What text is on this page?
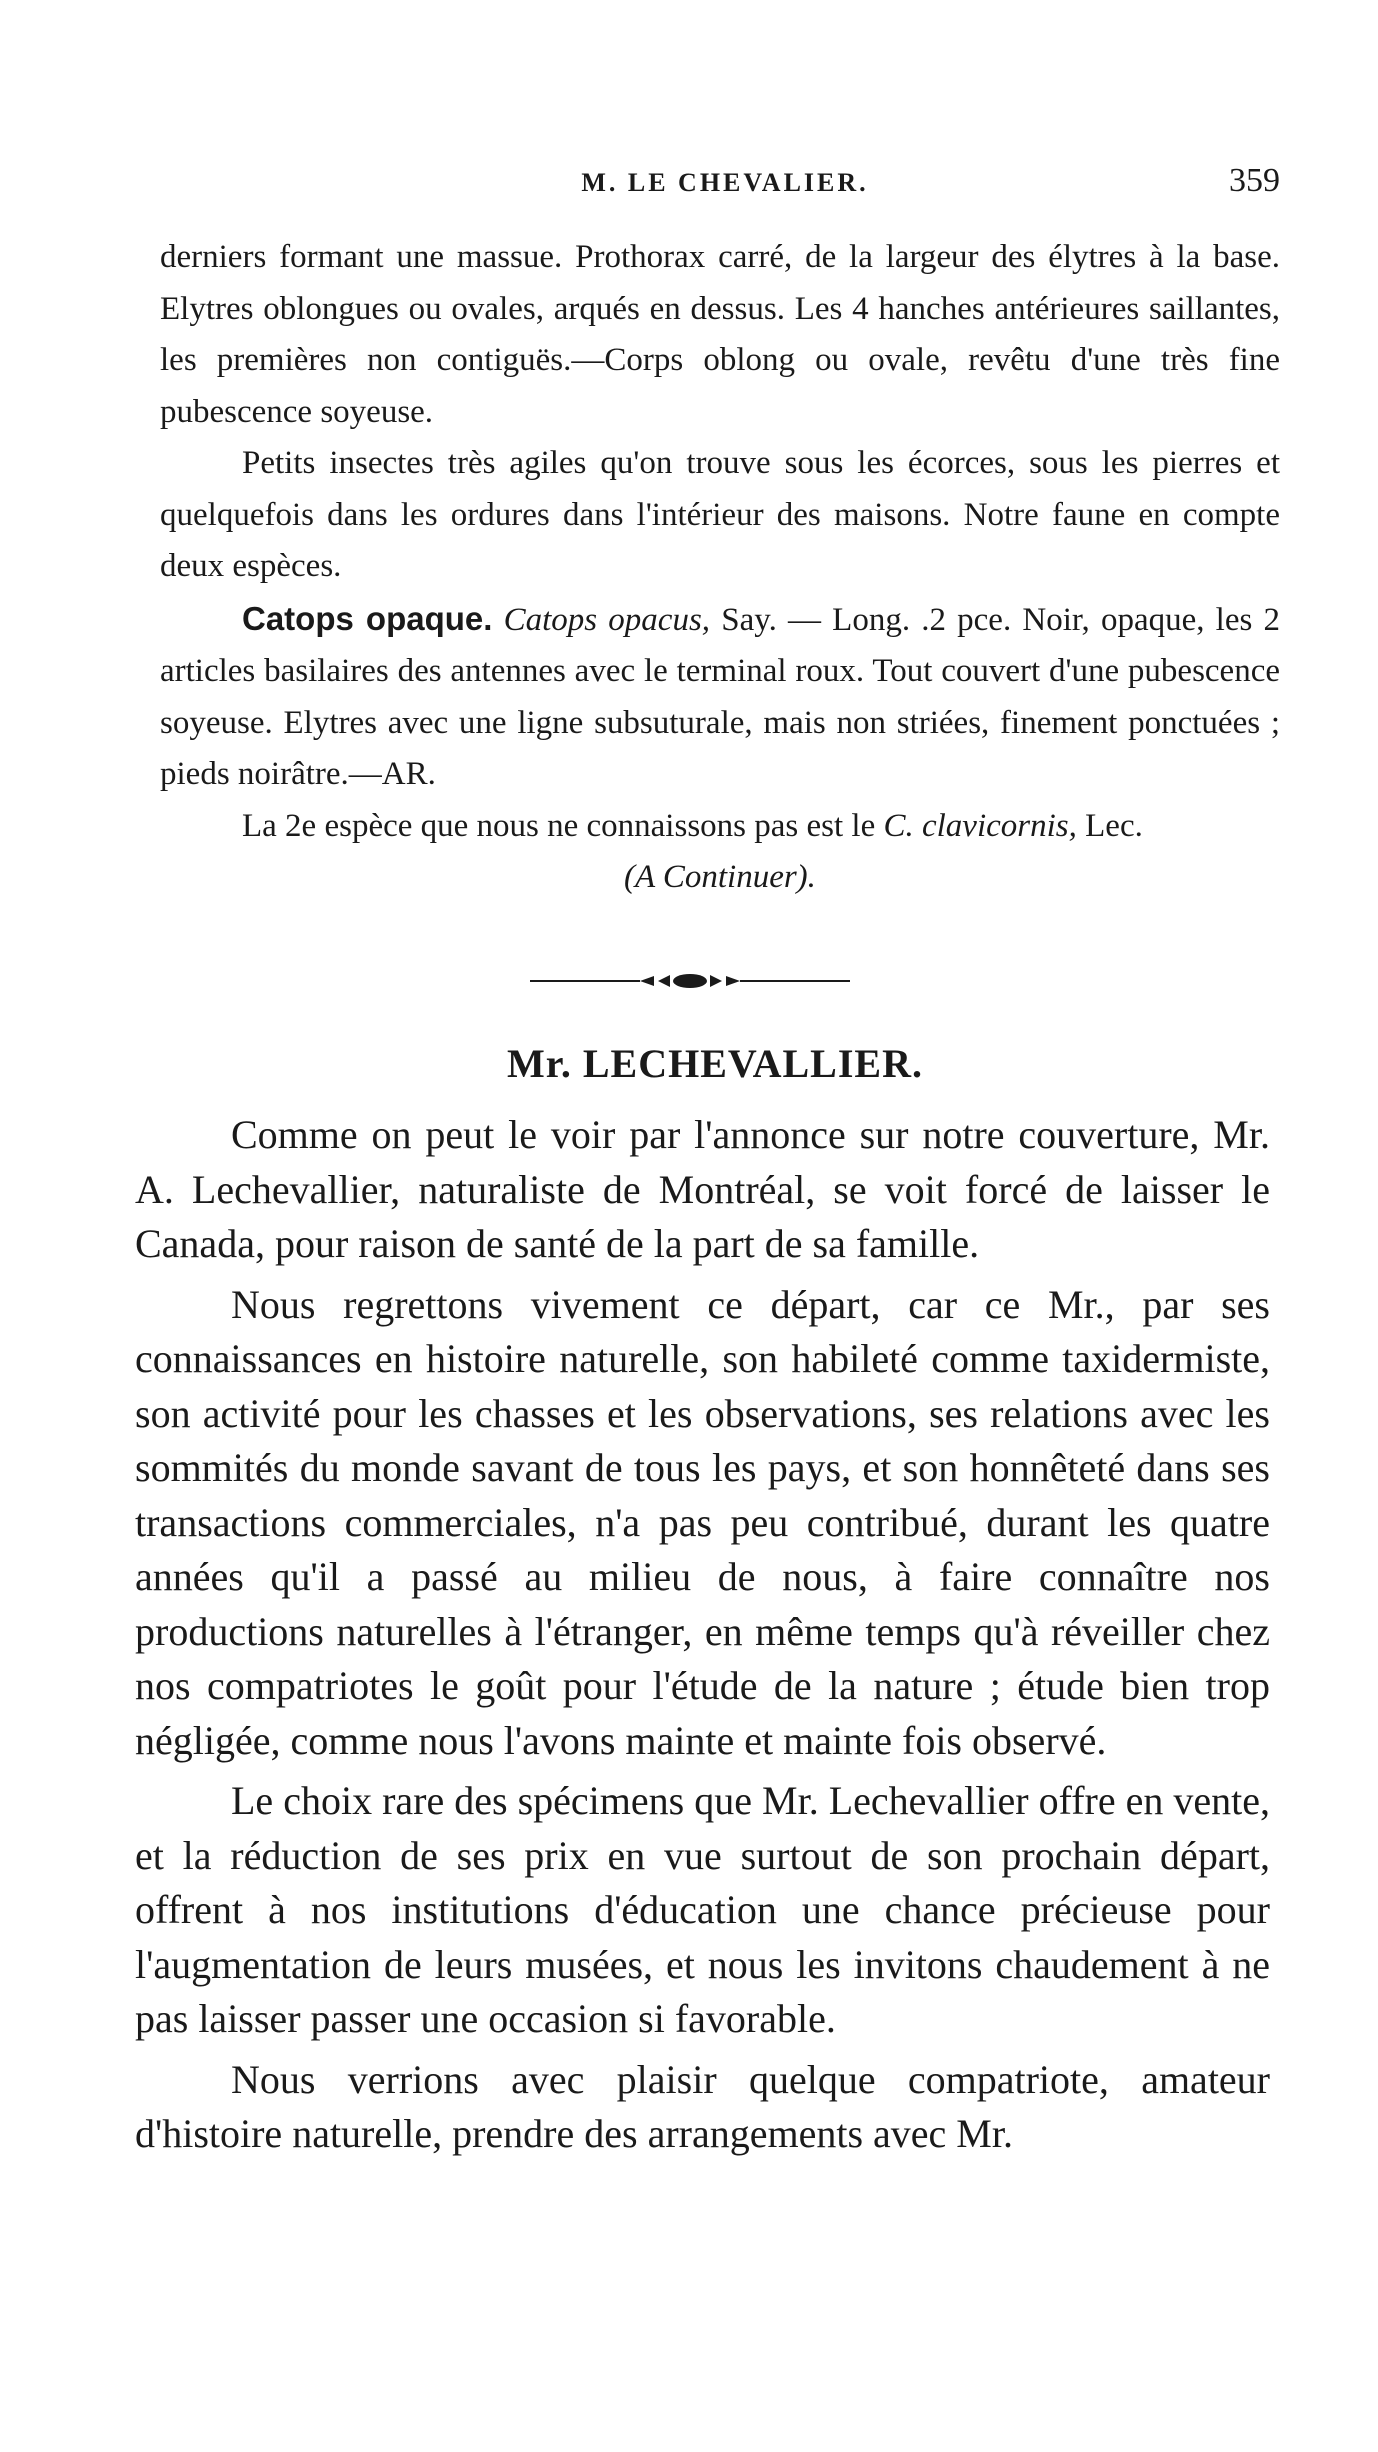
M. LE CHEVALIER.	359

derniers formant une massue. Prothorax carré, de la largeur des élytres à la base. Elytres oblongues ou ovales, arqués en dessus. Les 4 hanches antérieures saillantes, les premières non contiguës.—Corps oblong ou ovale, revêtu d'une très fine pubescence soyeuse.

Petits insectes très agiles qu'on trouve sous les écorces, sous les pierres et quelquefois dans les ordures dans l'intérieur des maisons. Notre faune en compte deux espèces.

Catops opaque. Catops opacus, Say. — Long. .2 pce. Noir, opaque, les 2 articles basilaires des antennes avec le terminal roux. Tout couvert d'une pubescence soyeuse. Elytres avec une ligne subsuturale, mais non striées, finement ponctuées ; pieds noirâtre.—AR.

La 2e espèce que nous ne connaissons pas est le C. clavicornis, Lec.

(A Continuer).

Mr. LECHEVALLIER.

Comme on peut le voir par l'annonce sur notre couverture, Mr. A. Lechevallier, naturaliste de Montréal, se voit forcé de laisser le Canada, pour raison de santé de la part de sa famille.

Nous regrettons vivement ce départ, car ce Mr., par ses connaissances en histoire naturelle, son habileté comme taxidermiste, son activité pour les chasses et les observations, ses relations avec les sommités du monde savant de tous les pays, et son honnêteté dans ses transactions commerciales, n'a pas peu contribué, durant les quatre années qu'il a passé au milieu de nous, à faire connaître nos productions naturelles à l'étranger, en même temps qu'à réveiller chez nos compatriotes le goût pour l'étude de la nature ; étude bien trop négligée, comme nous l'avons mainte et mainte fois observé.

Le choix rare des spécimens que Mr. Lechevallier offre en vente, et la réduction de ses prix en vue surtout de son prochain départ, offrent à nos institutions d'éducation une chance précieuse pour l'augmentation de leurs musées, et nous les invitons chaudement à ne pas laisser passer une occasion si favorable.

Nous verrions avec plaisir quelque compatriote, amateur d'histoire naturelle, prendre des arrangements avec Mr.
